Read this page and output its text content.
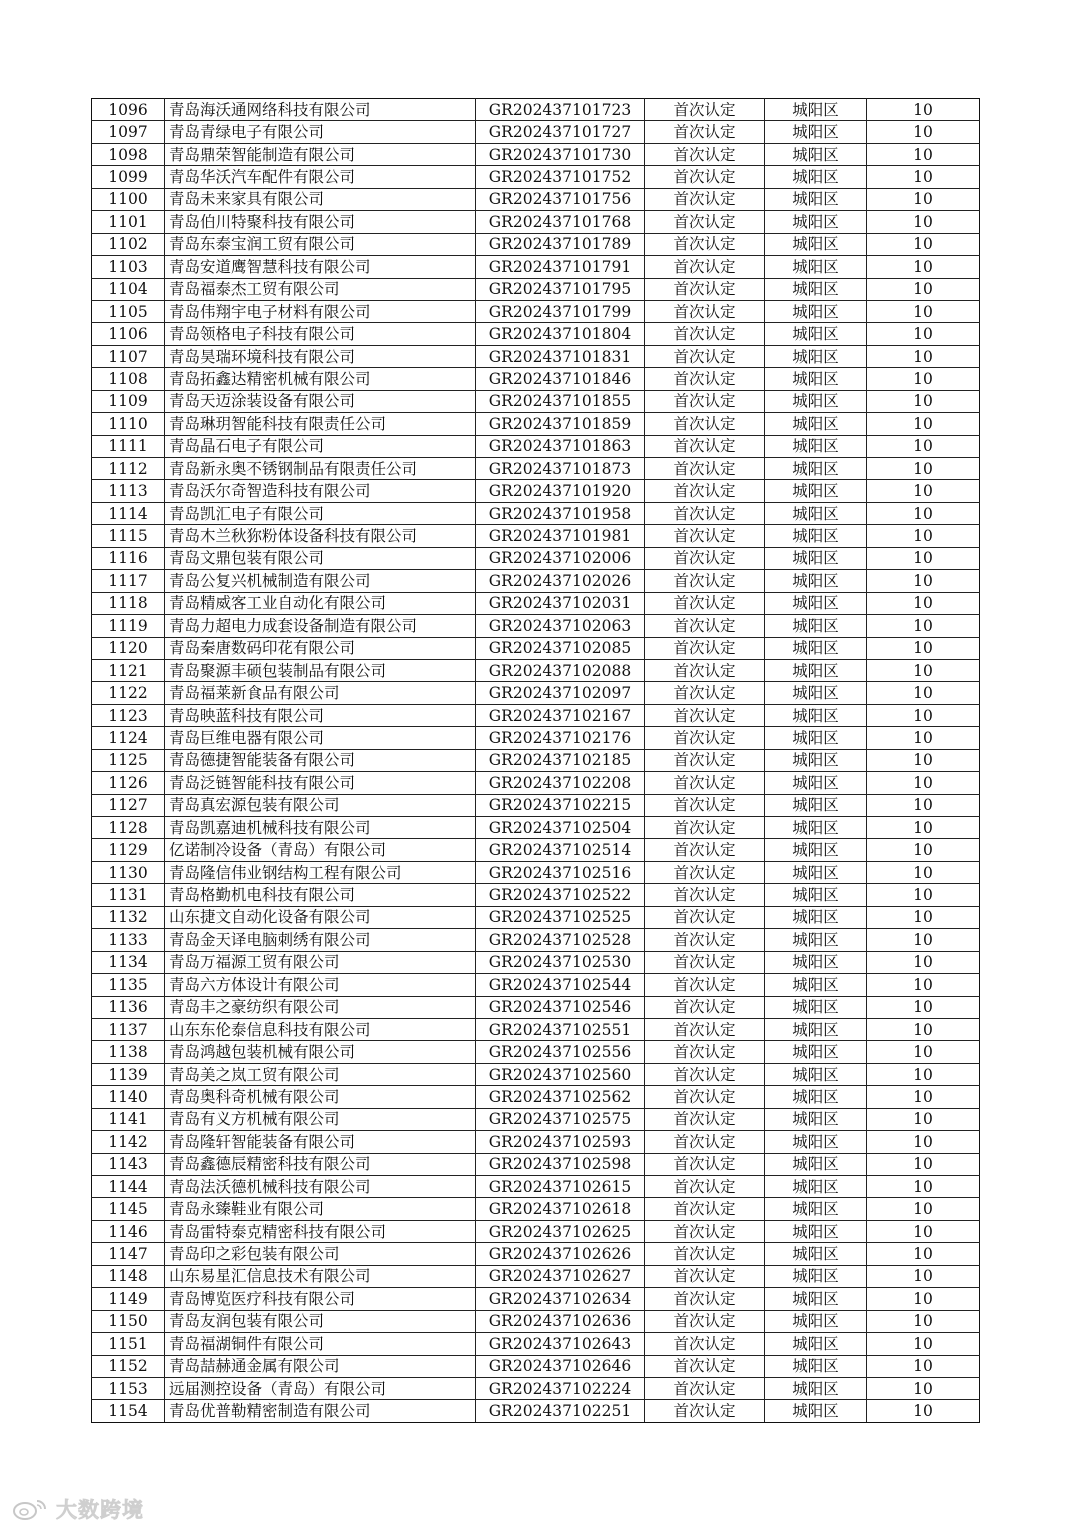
1096	青岛海沃通网络科技有限公司	GR202437101723	首次认定	城阳区	10
1097	青岛青绿电子有限公司	GR202437101727	首次认定	城阳区	10
1098	青岛鼎荣智能制造有限公司	GR202437101730	首次认定	城阳区	10
1099	青岛华沃汽车配件有限公司	GR202437101752	首次认定	城阳区	10
1100	青岛未来家具有限公司	GR202437101756	首次认定	城阳区	10
1101	青岛伯川特聚科技有限公司	GR202437101768	首次认定	城阳区	10
1102	青岛东泰宝润工贸有限公司	GR202437101789	首次认定	城阳区	10
1103	青岛安道鹰智慧科技有限公司	GR202437101791	首次认定	城阳区	10
1104	青岛福泰杰工贸有限公司	GR202437101795	首次认定	城阳区	10
1105	青岛伟翔宇电子材料有限公司	GR202437101799	首次认定	城阳区	10
1106	青岛领格电子科技有限公司	GR202437101804	首次认定	城阳区	10
1107	青岛昊瑞环境科技有限公司	GR202437101831	首次认定	城阳区	10
1108	青岛拓鑫达精密机械有限公司	GR202437101846	首次认定	城阳区	10
1109	青岛天迈涂装设备有限公司	GR202437101855	首次认定	城阳区	10
1110	青岛琳玥智能科技有限责任公司	GR202437101859	首次认定	城阳区	10
1111	青岛晶石电子有限公司	GR202437101863	首次认定	城阳区	10
1112	青岛新永奥不锈钢制品有限责任公司	GR202437101873	首次认定	城阳区	10
1113	青岛沃尔奇智造科技有限公司	GR202437101920	首次认定	城阳区	10
1114	青岛凯汇电子有限公司	GR202437101958	首次认定	城阳区	10
1115	青岛木兰秋狝粉体设备科技有限公司	GR202437101981	首次认定	城阳区	10
1116	青岛文鼎包装有限公司	GR202437102006	首次认定	城阳区	10
1117	青岛公复兴机械制造有限公司	GR202437102026	首次认定	城阳区	10
1118	青岛精威客工业自动化有限公司	GR202437102031	首次认定	城阳区	10
1119	青岛力超电力成套设备制造有限公司	GR202437102063	首次认定	城阳区	10
1120	青岛秦唐数码印花有限公司	GR202437102085	首次认定	城阳区	10
1121	青岛聚源丰硕包装制品有限公司	GR202437102088	首次认定	城阳区	10
1122	青岛福莱新食品有限公司	GR202437102097	首次认定	城阳区	10
1123	青岛映蓝科技有限公司	GR202437102167	首次认定	城阳区	10
1124	青岛巨维电器有限公司	GR202437102176	首次认定	城阳区	10
1125	青岛德捷智能装备有限公司	GR202437102185	首次认定	城阳区	10
1126	青岛泛链智能科技有限公司	GR202437102208	首次认定	城阳区	10
1127	青岛真宏源包装有限公司	GR202437102215	首次认定	城阳区	10
1128	青岛凯嘉迪机械科技有限公司	GR202437102504	首次认定	城阳区	10
1129	亿诺制冷设备（青岛）有限公司	GR202437102514	首次认定	城阳区	10
1130	青岛隆信伟业钢结构工程有限公司	GR202437102516	首次认定	城阳区	10
1131	青岛格勤机电科技有限公司	GR202437102522	首次认定	城阳区	10
1132	山东捷文自动化设备有限公司	GR202437102525	首次认定	城阳区	10
1133	青岛金天译电脑刺绣有限公司	GR202437102528	首次认定	城阳区	10
1134	青岛万福源工贸有限公司	GR202437102530	首次认定	城阳区	10
1135	青岛六方体设计有限公司	GR202437102544	首次认定	城阳区	10
1136	青岛丰之豪纺织有限公司	GR202437102546	首次认定	城阳区	10
1137	山东东伦泰信息科技有限公司	GR202437102551	首次认定	城阳区	10
1138	青岛鸿越包装机械有限公司	GR202437102556	首次认定	城阳区	10
1139	青岛美之岚工贸有限公司	GR202437102560	首次认定	城阳区	10
1140	青岛奥科奇机械有限公司	GR202437102562	首次认定	城阳区	10
1141	青岛有义方机械有限公司	GR202437102575	首次认定	城阳区	10
1142	青岛隆轩智能装备有限公司	GR202437102593	首次认定	城阳区	10
1143	青岛鑫德辰精密科技有限公司	GR202437102598	首次认定	城阳区	10
1144	青岛法沃德机械科技有限公司	GR202437102615	首次认定	城阳区	10
1145	青岛永臻鞋业有限公司	GR202437102618	首次认定	城阳区	10
1146	青岛雷特泰克精密科技有限公司	GR202437102625	首次认定	城阳区	10
1147	青岛印之彩包装有限公司	GR202437102626	首次认定	城阳区	10
1148	山东易星汇信息技术有限公司	GR202437102627	首次认定	城阳区	10
1149	青岛博览医疗科技有限公司	GR202437102634	首次认定	城阳区	10
1150	青岛友润包装有限公司	GR202437102636	首次认定	城阳区	10
1151	青岛福湖铜件有限公司	GR202437102643	首次认定	城阳区	10
1152	青岛喆赫通金属有限公司	GR202437102646	首次认定	城阳区	10
1153	远届测控设备（青岛）有限公司	GR202437102224	首次认定	城阳区	10
1154	青岛优普勒精密制造有限公司	GR202437102251	首次认定	城阳区	10
大数跨境
